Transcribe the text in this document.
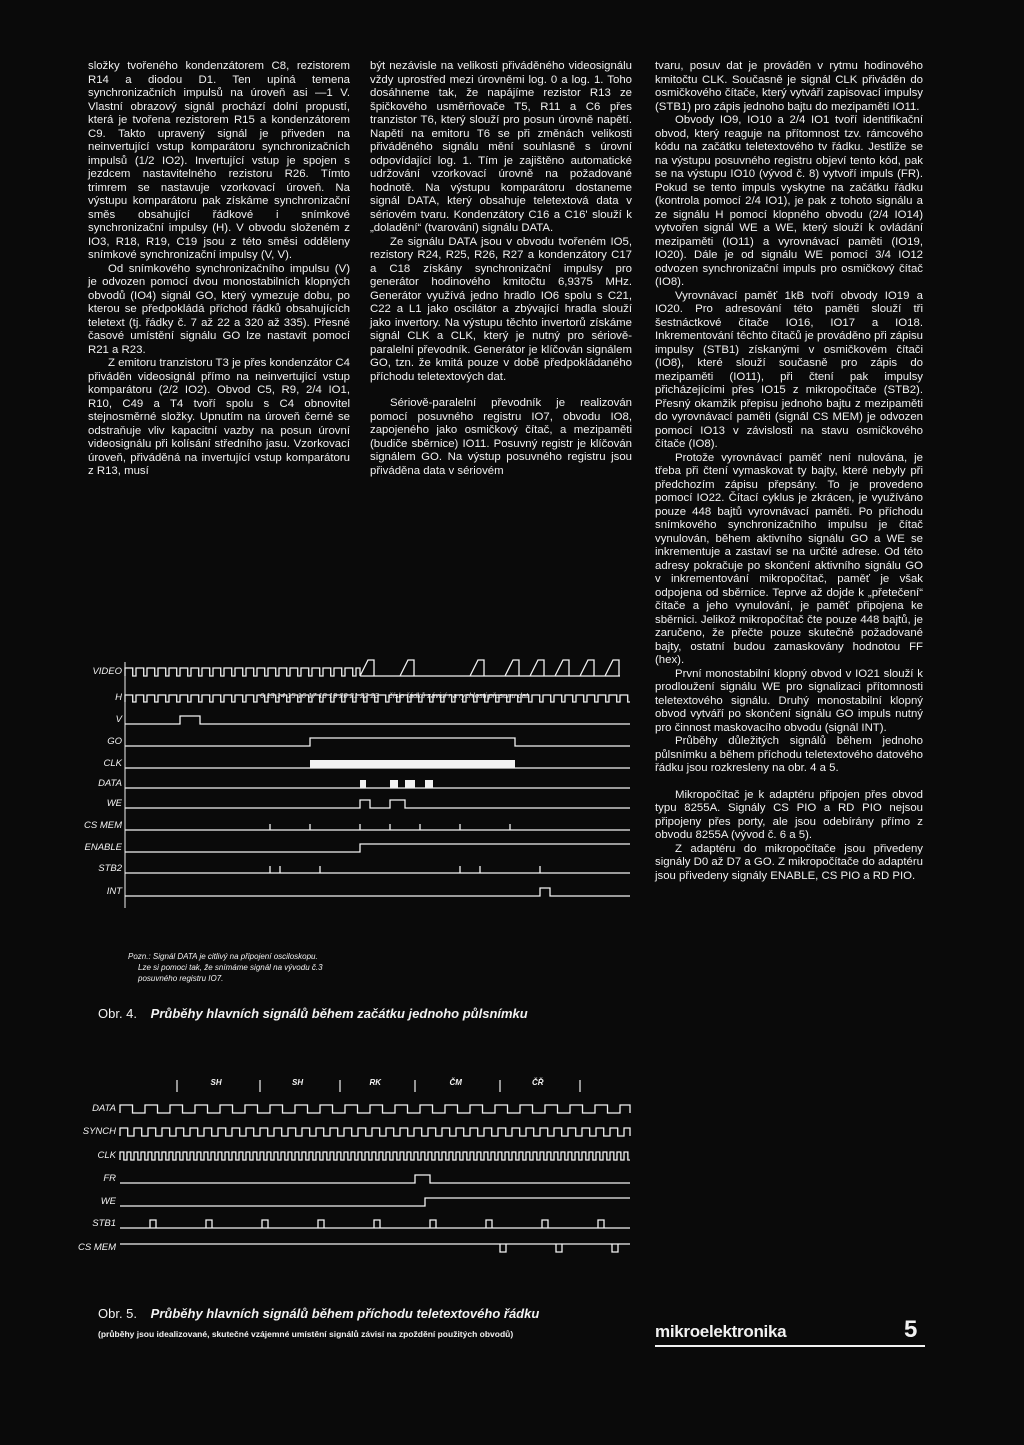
složky tvořeného kondenzátorem C8, rezistorem R14 a diodou D1. Ten upíná temena synchronizačních impulsů na úroveň asi —1 V. Vlastní obrazový signál prochází dolní propustí, která je tvořena rezistorem R15 a kondenzátorem C9. Takto upravený signál je přiveden na neinvertující vstup komparátoru synchronizačních impulsů (1/2 IO2). Invertující vstup je spojen s jezdcem nastavitelného rezistoru R26. Tímto trimrem se nastavuje vzorkovací úroveň. Na výstupu komparátoru pak získáme synchronizační směs obsahující řádkové i snímkové synchronizační impulsy (H). V obvodu složeném z IO3, R18, R19, C19 jsou z této směsi odděleny snímkové synchronizační impulsy (V, V).

Od snímkového synchronizačního impulsu (V) je odvozen pomocí dvou monostabilních klopných obvodů (IO4) signál GO, který vymezuje dobu, po kterou se předpokládá příchod řádků obsahujících teletext (tj. řádky č. 7 až 22 a 320 až 335). Přesné časové umístění signálu GO lze nastavit pomocí R21 a R23.

Z emitoru tranzistoru T3 je přes kondenzátor C4 přiváděn videosignál přímo na neinvertující vstup komparátoru (2/2 IO2). Obvod C5, R9, 2/4 IO1, R10, C49 a T4 tvoří spolu s C4 obnovitel stejnosměrné složky. Upnutím na úroveň černé se odstraňuje vliv kapacitní vazby na posun úrovní videosignálu při kolísání středního jasu. Vzorkovací úroveň, přiváděná na invertující vstup komparátoru z R13, musí

být nezávisle na velikosti přiváděného videosignálu vždy uprostřed mezi úrovněmi log. 0 a log. 1. Toho dosáhneme tak, že napájíme rezistor R13 ze špičkového usměrňovače T5, R11 a C6 přes tranzistor T6, který slouží pro posun úrovně napětí. Napětí na emitoru T6 se při změnách velikosti přiváděného signálu mění souhlasně s úrovní odpovídající log. 1. Tím je zajištěno automatické udržování vzorkovací úrovně na požadované hodnotě. Na výstupu komparátoru dostaneme signál DATA, který obsahuje teletextová data v sériovém tvaru. Kondenzátory C16 a C16' slouží k „doladění“ (tvarování) signálu DATA.

Ze signálu DATA jsou v obvodu tvořeném IO5, rezistory R24, R25, R26, R27 a kondenzátory C17 a C18 získány synchronizační impulsy pro generátor hodinového kmitočtu 6,9375 MHz. Generátor využívá jedno hradlo IO6 spolu s C21, C22 a L1 jako oscilátor a zbývající hradla slouží jako invertory. Na výstupu těchto invertorů získáme signál CLK a CLK, který je nutný pro sériově-paralelní převodník. Generátor je klíčován signálem GO, tzn. že kmitá pouze v době předpokládaného příchodu teletextových dat.

Sériově-paralelní převodník je realizován pomocí posuvného registru IO7, obvodu IO8, zapojeného jako osmičkový čítač, a mezipaměti (budiče sběrnice) IO11. Posuvný registr je klíčován signálem GO. Na výstup posuvného registru jsou přiváděna data v sériovém

tvaru, posuv dat je prováděn v rytmu hodinového kmitočtu CLK. Současně je signál CLK přiváděn do osmičkového čítače, který vytváří zapisovací impulsy (STB1) pro zápis jednoho bajtu do mezipaměti IO11.

Obvody IO9, IO10 a 2/4 IO1 tvoří identifikační obvod, který reaguje na přítomnost tzv. rámcového kódu na začátku teletextového tv řádku. Jestliže se na výstupu posuvného registru objeví tento kód, pak se na výstupu IO10 (vývod č. 8) vytvoří impuls (FR). Pokud se tento impuls vyskytne na začátku řádku (kontrola pomocí 2/4 IO1), je pak z tohoto signálu a ze signálu H pomocí klopného obvodu (2/4 IO14) vytvořen signál WE a WE, který slouží k ovládání mezipaměti (IO11) a vyrovnávací paměti (IO19, IO20). Dále je od signálu WE pomocí 3/4 IO12 odvozen synchronizační impuls pro osmičkový čítač (IO8).

Vyrovnávací paměť 1kB tvoří obvody IO19 a IO20. Pro adresování této paměti slouží tři šestnáctkové čítače IO16, IO17 a IO18. Inkrementování těchto čítačů je prováděno při zápisu impulsy (STB1) získanými v osmičkovém čítači (IO8), které slouží současně pro zápis do mezipaměti (IO11), při čtení pak impulsy přicházejícími přes IO15 z mikropočítače (STB2). Přesný okamžik přepisu jednoho bajtu z mezipaměti do vyrovnávací paměti (signál CS MEM) je odvozen pomocí IO13 v závislosti na stavu osmičkového čítače (IO8).

Protože vyrovnávací paměť není nulována, je třeba při čtení vymaskovat ty bajty, které nebyly při předchozím zápisu přepsány. To je provedeno pomocí IO22. Čítací cyklus je zkrácen, je využíváno pouze 448 bajtů vyrovnávací paměti. Po příchodu snímkového synchronizačního impulsu je čítač vynulován, během aktivního signálu GO a WE se inkrementuje a zastaví se na určité adrese. Od této adresy pokračuje po skončení aktivního signálu GO v inkrementování mikropočítač, paměť je však odpojena od sběrnice. Teprve až dojde k „přetečení“ čítače a jeho vynulování, je paměť připojena ke sběrnici. Jelikož mikropočítač čte pouze 448 bajtů, je zaručeno, že přečte pouze skutečně požadované bajty, ostatní budou zamaskovány hodnotou FF (hex).

První monostabilní klopný obvod v IO21 slouží k prodloužení signálu WE pro signalizaci přítomnosti teletextového signálu. Druhý monostabilní klopný obvod vytváří po skončení signálu GO impuls nutný pro činnost maskovacího obvodu (signál INT).

Průběhy důležitých signálů během jednoho půlsnímku a během příchodu teletextového datového řádku jsou rozkresleny na obr. 4 a 5.

Mikropočítač je k adaptéru připojen přes obvod typu 8255A. Signály CS PIO a RD PIO nejsou připojeny přes porty, ale jsou odebírány přímo z obvodu 8255A (vývod č. 6 a 5).

Z adaptéru do mikropočítače jsou přivedeny signály D0 až D7 a GO. Z mikropočítače do adaptéru jsou přivedeny signály ENABLE, CS PIO a RD PIO.

VIDEO
H
V
GO
CLK
DATA
WE
CS MEM
ENABLE
STB2
INT
6 13 14 15 16 17 18 19 20 21 22 23 číslo řádků závisí na rychlosti přesunu dat
Pozn.: Signál DATA je citlivý na připojení osciloskopu.
Lze si pomoci tak, že snímáme signál na vývodu č.3
posuvného registru IO7.
Obr. 4. Průběhy hlavních signálů během začátku jednoho půlsnímku
DATA
SYNCH
CLK
FR
WE
STB1
CS MEM
SH	SH	RK	ČM	ČŘ
Obr. 5. Průběhy hlavních signálů během příchodu teletextového řádku
(průběhy jsou idealizované, skutečné vzájemné umístění signálů závisí na zpoždění použitých obvodů)	mikroelektronika	5
